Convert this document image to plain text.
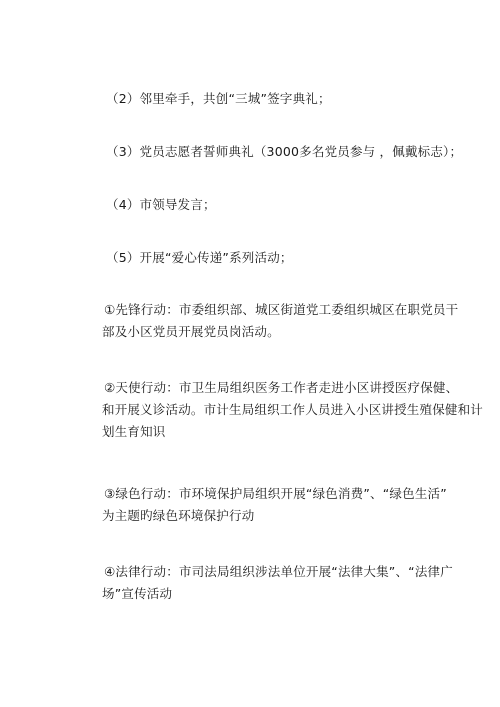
（2）邻里牵手，共创“三城”签字典礼；
（3）党员志愿者誓师典礼（3000多名党员参与 ，佩戴标志）；
（4）市领导发言；
（5）开展“爱心传递”系列活动；
①先锋行动：市委组织部、城区街道党工委组织城区在职党员干
部及小区党员开展党员岗活动。
②天使行动：市卫生局组织医务工作者走进小区讲授医疗保健、
和开展义诊活动。市计生局组织工作人员进入小区讲授生殖保健和计
划生育知识
③绿色行动：市环境保护局组织开展“绿色消费”、“绿色生活”
为主题旳绿色环境保护行动
④法律行动：市司法局组织涉法单位开展“法律大集”、“法律广
场”宣传活动
